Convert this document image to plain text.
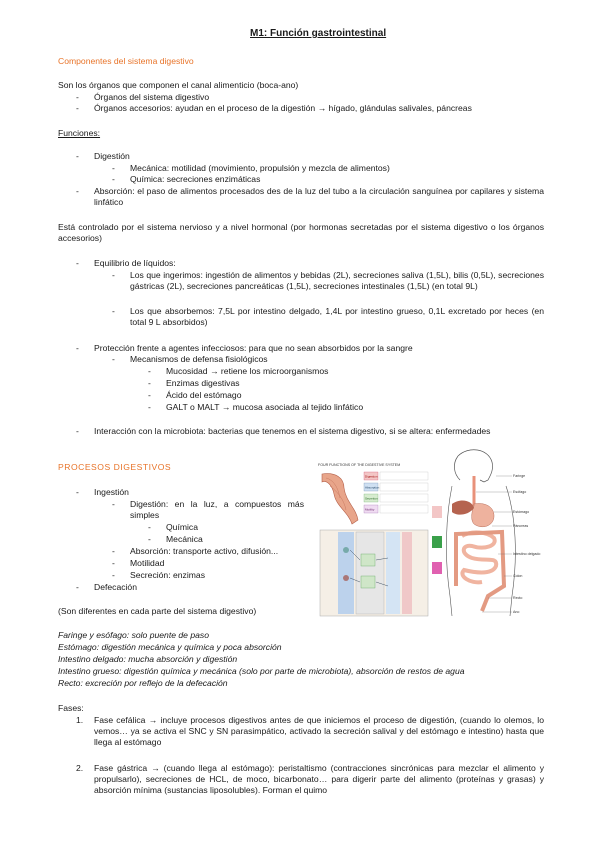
M1: Función gastrointestinal
Componentes del sistema digestivo
Son los órganos que componen el canal alimenticio (boca-ano)
- Órganos del sistema digestivo
- Órganos accesorios: ayudan en el proceso de la digestión → hígado, glándulas salivales, páncreas
Funciones:
- Digestión
- Mecánica: motilidad (movimiento, propulsión y mezcla de alimentos)
- Química: secreciones enzimáticas
- Absorción: el paso de alimentos procesados des de la luz del tubo a la circulación sanguínea por capilares y sistema linfático
Está controlado por el sistema nervioso y a nivel hormonal (por hormonas secretadas por el sistema digestivo o los órganos accesorios)
- Equilibrio de líquidos:
- Los que ingerimos: ingestión de alimentos y bebidas (2L), secreciones saliva (1,5L), bilis (0,5L), secreciones gástricas (2L), secreciones pancreáticas (1,5L), secreciones intestinales (1,5L) (en total 9L)
- Los que absorbemos: 7,5L por intestino delgado, 1,4L por intestino grueso, 0,1L excretado por heces (en total 9 L absorbidos)
- Protección frente a agentes infecciosos: para que no sean absorbidos por la sangre
- Mecanismos de defensa fisiológicos
- Mucosidad → retiene los microorganismos
- Enzimas digestivas
- Ácido del estómago
- GALT o MALT → mucosa asociada al tejido linfático
- Interacción con la microbiota: bacterias que tenemos en el sistema digestivo, si se altera: enfermedades
PROCESOS DIGESTIVOS
- Ingestión
- Digestión: en la luz, a compuestos más simples
- Química
- Mecánica
- Absorción: transporte activo, difusión...
- Motilidad
- Secreción: enzimas
- Defecación
(Son diferentes en cada parte del sistema digestivo)
Faringe y esófago: solo puente de paso
Estómago: digestión mecánica y química y poca absorción
Intestino delgado: mucha absorción y digestión
Intestino grueso: digestión química y mecánica (solo por parte de microbiota), absorción de restos de agua
Recto: excreción por reflejo de la defecación
Fases:
1. Fase cefálica → incluye procesos digestivos antes de que iniciemos el proceso de digestión, (cuando lo olemos, lo vemos… ya se activa el SNC y SN parasimpático, activado la secreción salival y del estómago e intestino) hasta que llega al estómago
2. Fase gástrica → (cuando llega al estómago): peristaltismo (contracciones sincrónicas para mezclar el alimento y propulsarlo), secreciones de HCL, de moco, bicarbonato… para digerir parte del alimento (proteínas y grasas) y absorción mínima (sustancias liposolubles). Forman el quimo
FOUR FUNCTIONS OF THE DIGESTIVE SYSTEM
Digestion
Absorption
Secretion
Motility
Faringe
Esófago
Estómago
Páncreas
Intestino delgado
Colon
Recto
Ano
